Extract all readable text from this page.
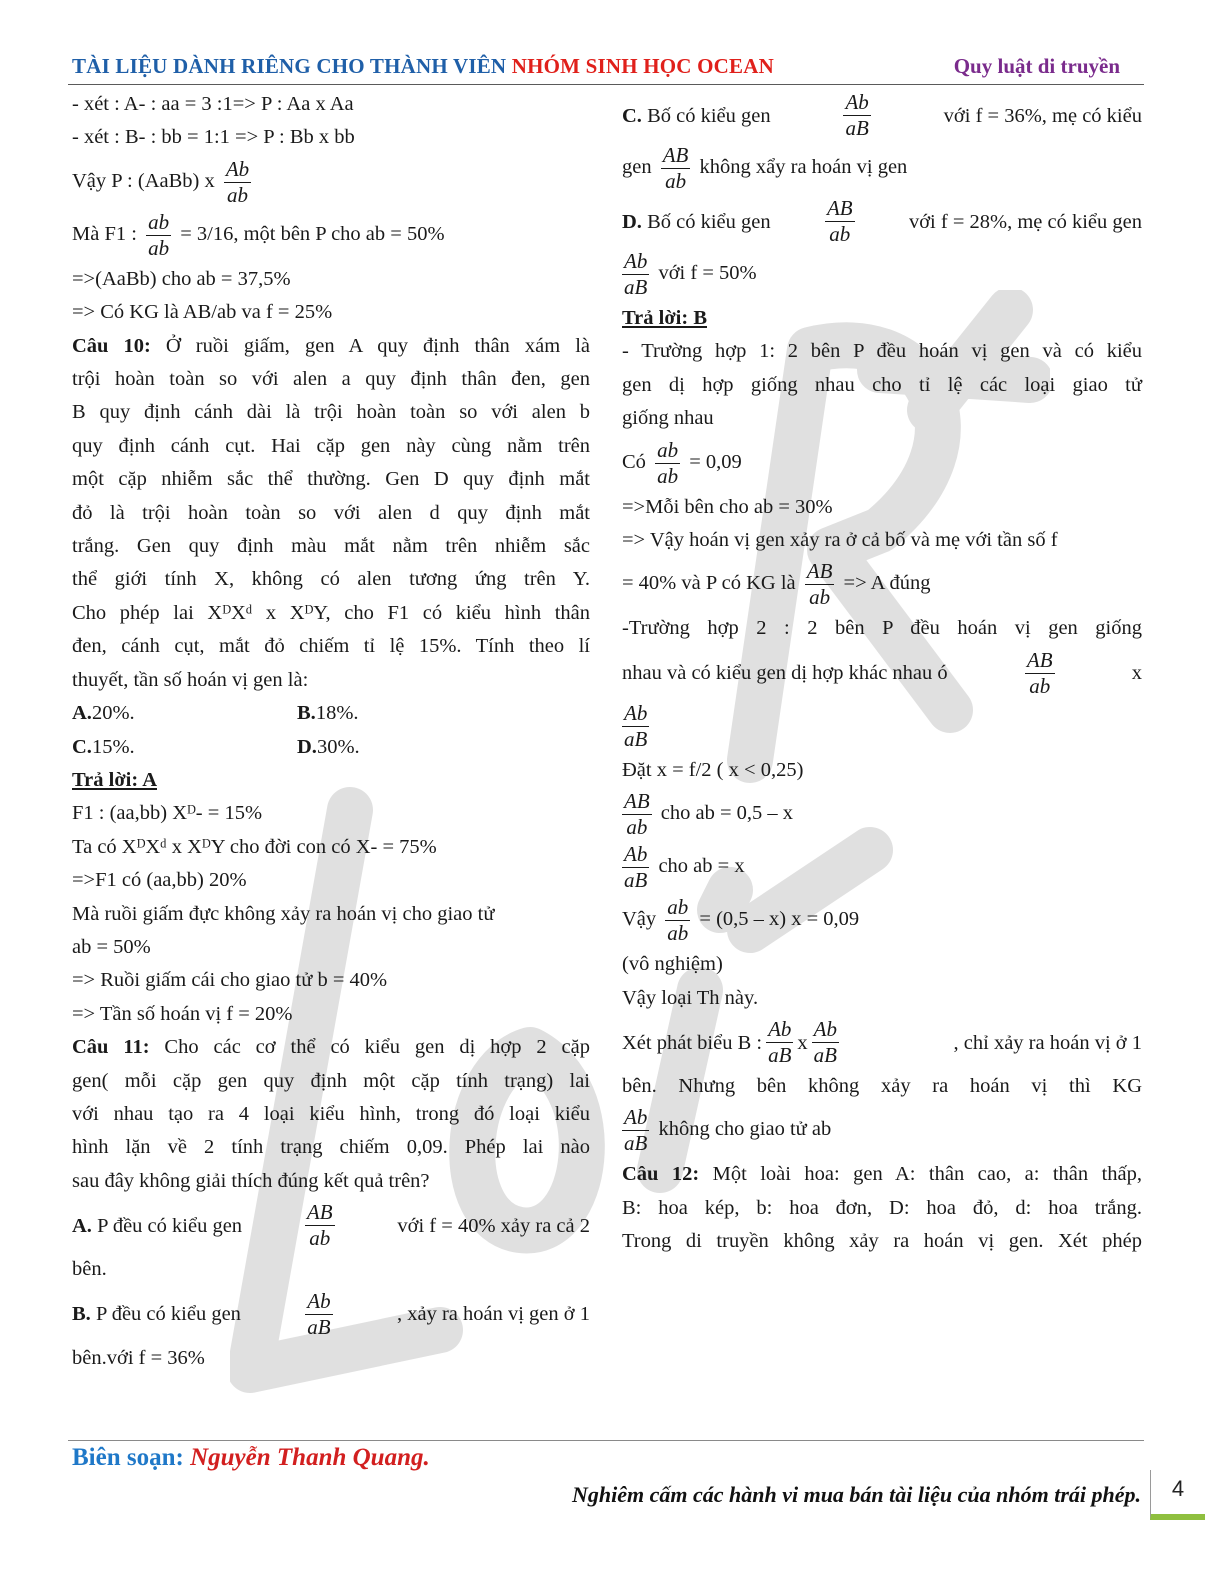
TÀI LIỆU DÀNH RIÊNG CHO THÀNH VIÊN NHÓM SINH HỌC OCEAN	Quy luật di truyền

- xét : A- : aa = 3 :1=> P : Aa x Aa

- xét : B- : bb = 1:1 => P : Bb x bb

Vậy P : (AaBb) x $\frac{Ab}{ab}$

Mà F1 : $\frac{ab}{ab} = 3/16$, một bên P cho ab = 50%

=>(AaBb) cho ab = 37,5%

=> Có KG là AB/ab va f = 25%

Câu 10: Ở ruồi giấm, gen A quy định thân xám là

trội hoàn toàn so với alen a quy định thân đen, gen

B quy định cánh dài là trội hoàn toàn so với alen b

quy định cánh cụt. Hai cặp gen này cùng nằm trên

một cặp nhiễm sắc thể thường. Gen D quy định mắt

đỏ là trội hoàn toàn so với alen d quy định mắt

trắng. Gen quy định màu mắt nằm trên nhiễm sắc

thể giới tính X, không có alen tương ứng trên Y.

Cho phép lai XᴰXᵈ x XᴰY, cho F1 có kiểu hình thân

đen, cánh cụt, mắt đỏ chiếm tỉ lệ 15%. Tính theo lí

thuyết, tần số hoán vị gen là:

A.20%.	B.18%.

C.15%.	D.30%.

Trả lời: A

F1 : (aa,bb) Xᴰ- = 15%

Ta có XᴰXᵈ x XᴰY cho đời con có X- = 75%

=>F1 có (aa,bb) 20%

Mà ruồi giấm đực không xảy ra hoán vị cho giao tử

ab = 50%

=> Ruồi giấm cái cho giao tử b = 40%

=> Tần số hoán vị f = 20%

Câu 11: Cho các cơ thể có kiểu gen dị hợp 2 cặp

gen( mỗi cặp gen quy định một cặp tính trạng) lai

với nhau tạo ra 4 loại kiểu hình, trong đó loại kiểu

hình lặn về 2 tính trạng chiếm 0,09. Phép lai nào

sau đây không giải thích đúng kết quả trên?

A. P đều có kiểu gen	$\frac{AB}{ab}$	với f = 40% xảy ra cả 2

bên.

B. P đều có kiểu gen	$\frac{Ab}{aB}$	, xảy ra hoán vị gen ở 1

bên.với f = 36%

C. Bố có kiểu gen	$\frac{Ab}{aB}$	với f = 36%, mẹ có kiểu

gen $\frac{AB}{ab}$ không xẩy ra hoán vị gen

D. Bố có kiểu gen	$\frac{AB}{ab}$	với f = 28%, mẹ có kiểu gen

$\frac{Ab}{aB}$ với f = 50%

Trả lời: B

- Trường hợp 1: 2 bên P đều hoán vị gen và có kiểu

gen dị hợp giống nhau cho tỉ lệ các loại giao tử

giống nhau

Có $\frac{ab}{ab} = 0,09$

=>Mỗi bên cho ab = 30%

=> Vậy hoán vị gen xảy ra ở cả bố và mẹ với tần số f

= 40% và P có KG là $\frac{AB}{ab} => A$ đúng

-Trường hợp 2 : 2 bên P đều hoán vị gen giống

nhau và có kiểu gen dị hợp khác nhau ó	$\frac{AB}{ab}$	x

$\frac{Ab}{aB}$

Đặt x = f/2 ( x < 0,25)

$\frac{AB}{ab}$ cho ab = 0,5 – x

$\frac{Ab}{aB}$ cho ab = x

Vậy $\frac{ab}{ab} = (0,5 - x) x = 0,09$

(vô nghiệm)

Vậy loại Th này.

Xét phát biểu B : $\frac{Ab}{aB}$ x $\frac{Ab}{aB}$	, chỉ xảy ra hoán vị ở 1

bên. Nhưng bên không xảy ra hoán vị thì KG

$\frac{Ab}{aB}$ không cho giao tử ab

Câu 12: Một loài hoa: gen A: thân cao, a: thân thấp,

B: hoa kép, b: hoa đơn, D: hoa đỏ, d: hoa trắng.

Trong di truyền không xảy ra hoán vị gen. Xét phép

Biên soạn: Nguyễn Thanh Quang.
Nghiêm cấm các hành vi mua bán tài liệu của nhóm trái phép.	4
